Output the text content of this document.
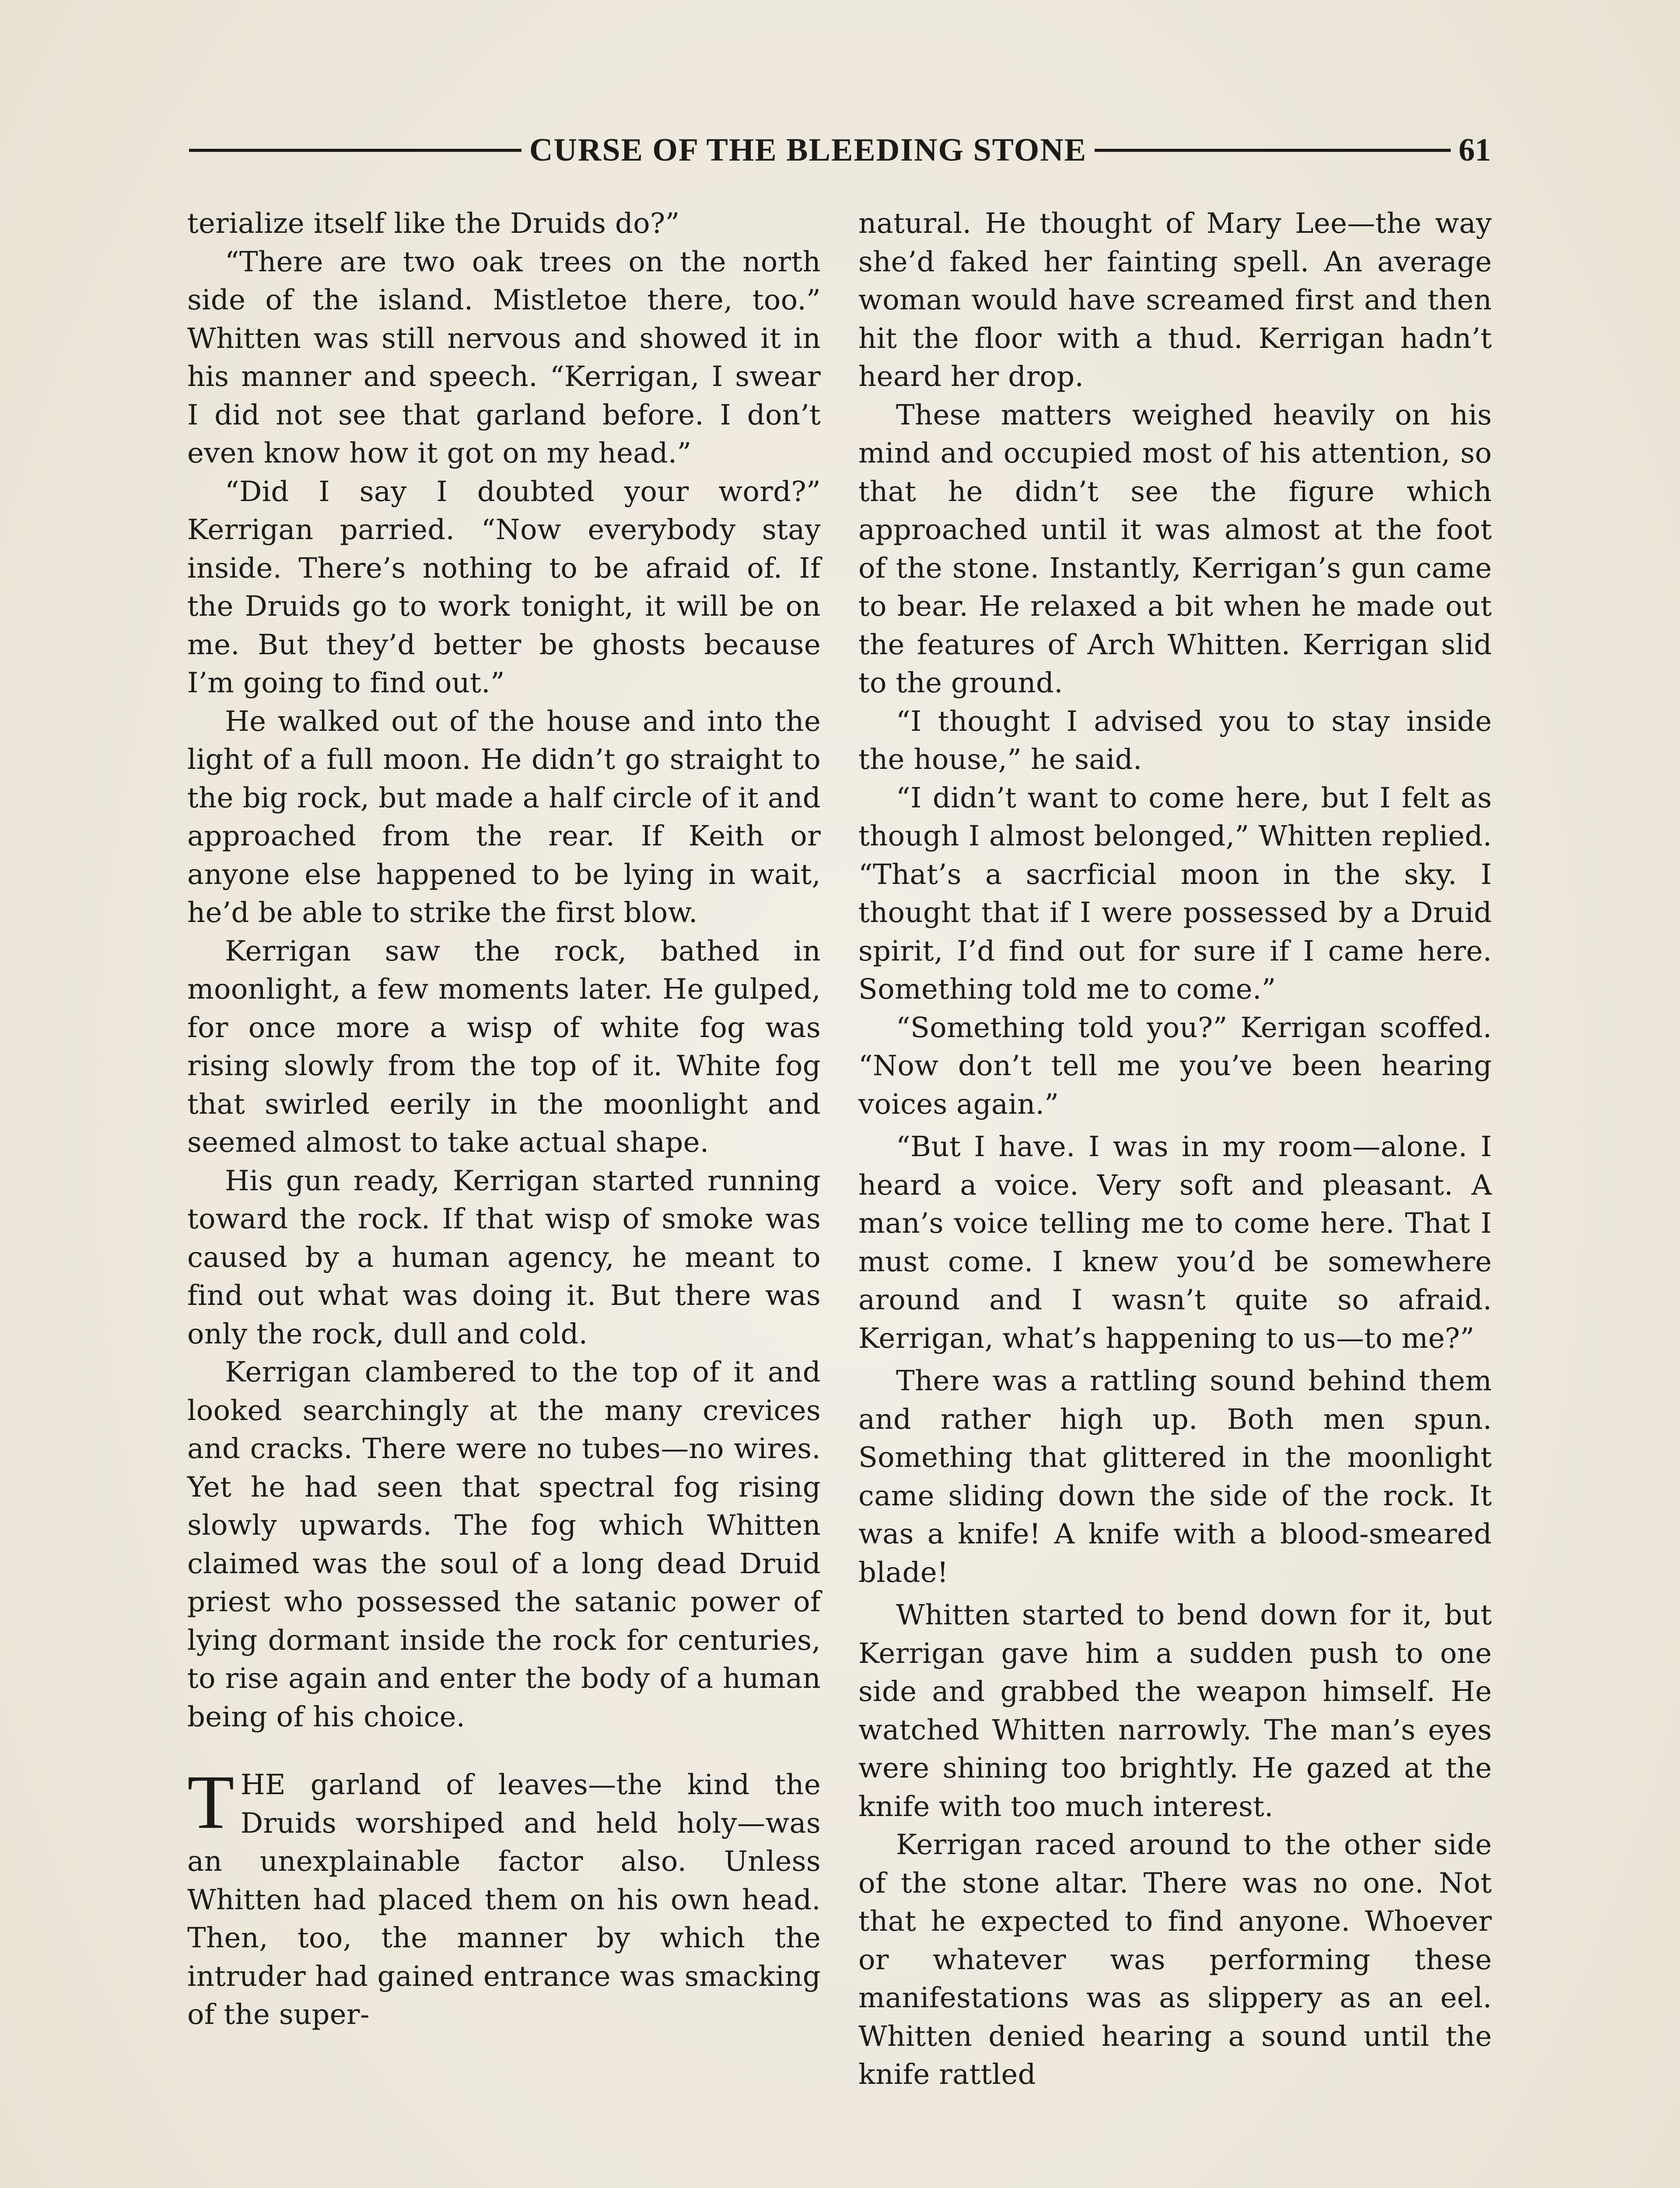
CURSE OF THE BLEEDING STONE	61

terialize itself like the Druids do?”

“There are two oak trees on the north side of the island. Mistletoe there, too.” Whitten was still nervous and showed it in his manner and speech. “Kerrigan, I swear I did not see that garland before. I don’t even know how it got on my head.”

“Did I say I doubted your word?” Kerrigan parried. “Now everybody stay inside. There’s nothing to be afraid of. If the Druids go to work tonight, it will be on me. But they’d better be ghosts because I’m going to find out.”

He walked out of the house and into the light of a full moon. He didn’t go straight to the big rock, but made a half circle of it and approached from the rear. If Keith or anyone else happened to be lying in wait, he’d be able to strike the first blow.

Kerrigan saw the rock, bathed in moonlight, a few moments later. He gulped, for once more a wisp of white fog was rising slowly from the top of it. White fog that swirled eerily in the moonlight and seemed almost to take actual shape.

His gun ready, Kerrigan started running toward the rock. If that wisp of smoke was caused by a human agency, he meant to find out what was doing it. But there was only the rock, dull and cold.

Kerrigan clambered to the top of it and looked searchingly at the many crevices and cracks. There were no tubes—no wires. Yet he had seen that spectral fog rising slowly upwards. The fog which Whitten claimed was the soul of a long dead Druid priest who possessed the satanic power of lying dormant inside the rock for centuries, to rise again and enter the body of a human being of his choice.

THE garland of leaves—the kind the Druids worshiped and held holy—was an unexplainable factor also. Unless Whitten had placed them on his own head. Then, too, the manner by which the intruder had gained entrance was smacking of the super-

natural. He thought of Mary Lee—the way she’d faked her fainting spell. An average woman would have screamed first and then hit the floor with a thud. Kerrigan hadn’t heard her drop.

These matters weighed heavily on his mind and occupied most of his attention, so that he didn’t see the figure which approached until it was almost at the foot of the stone. Instantly, Kerrigan’s gun came to bear. He relaxed a bit when he made out the features of Arch Whitten. Kerrigan slid to the ground.

“I thought I advised you to stay inside the house,” he said.

“I didn’t want to come here, but I felt as though I almost belonged,” Whitten replied. “That’s a sacrficial moon in the sky. I thought that if I were possessed by a Druid spirit, I’d find out for sure if I came here. Something told me to come.”

“Something told you?” Kerrigan scoffed. “Now don’t tell me you’ve been hearing voices again.”

“But I have. I was in my room—alone. I heard a voice. Very soft and pleasant. A man’s voice telling me to come here. That I must come. I knew you’d be somewhere around and I wasn’t quite so afraid. Kerrigan, what’s happening to us—to me?”

There was a rattling sound behind them and rather high up. Both men spun. Something that glittered in the moonlight came sliding down the side of the rock. It was a knife! A knife with a blood-smeared blade!

Whitten started to bend down for it, but Kerrigan gave him a sudden push to one side and grabbed the weapon himself. He watched Whitten narrowly. The man’s eyes were shining too brightly. He gazed at the knife with too much interest.

Kerrigan raced around to the other side of the stone altar. There was no one. Not that he expected to find anyone. Whoever or whatever was performing these manifestations was as slippery as an eel. Whitten denied hearing a sound until the knife rattled
